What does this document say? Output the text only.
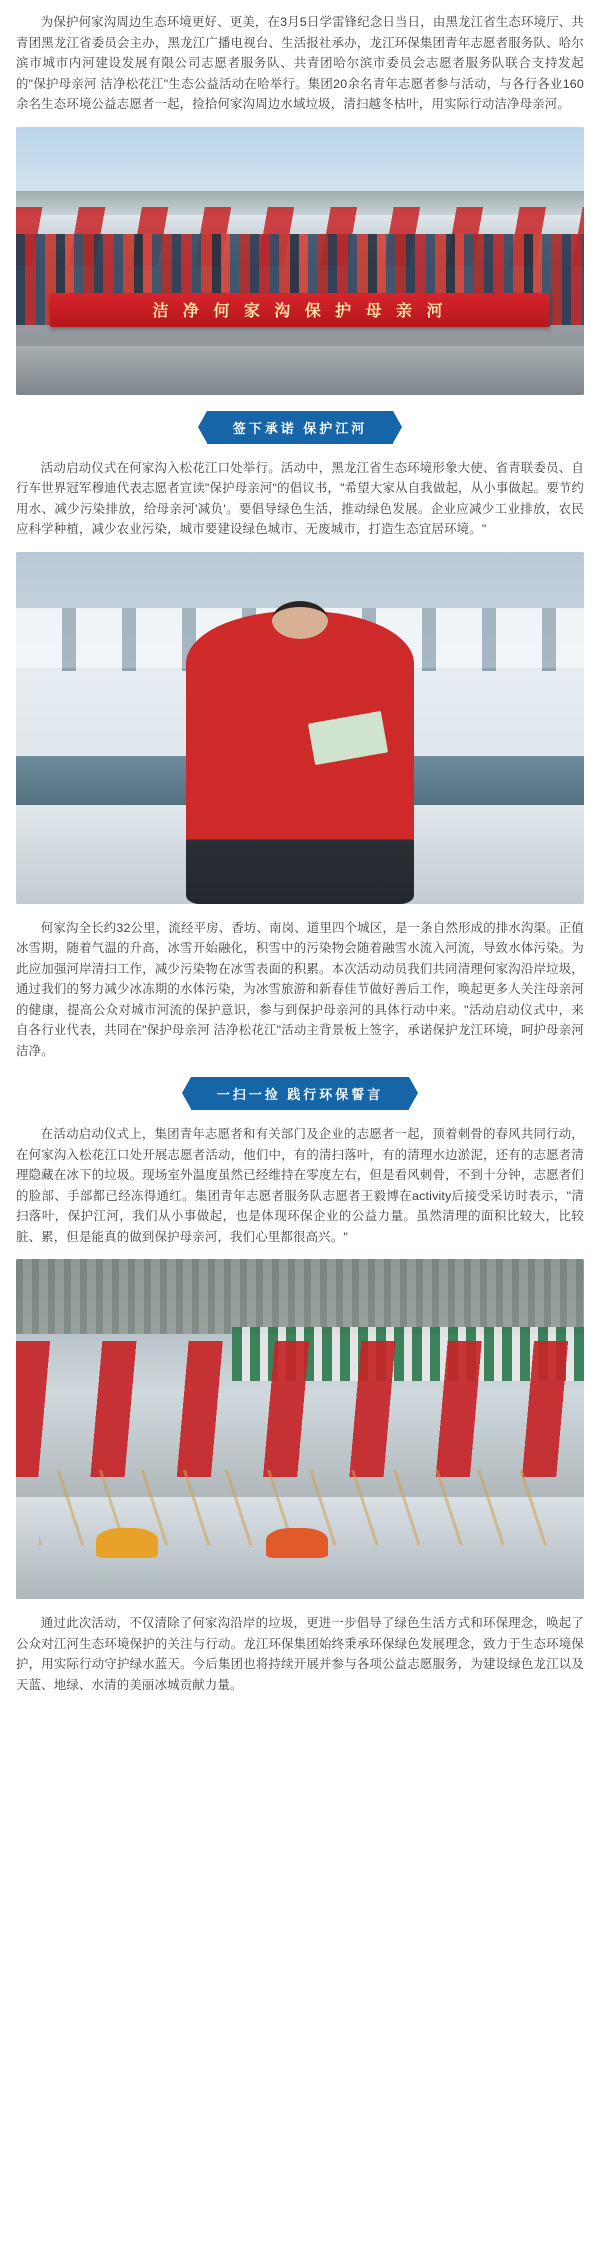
为保护何家沟周边生态环境更好、更美，在3月5日学雷锋纪念日当日，由黑龙江省生态环境厅、共青团黑龙江省委员会主办，黑龙江广播电视台、生活报社承办，龙江环保集团青年志愿者服务队、哈尔滨市城市内河建设发展有限公司志愿者服务队、共青团哈尔滨市委员会志愿者服务队联合支持发起的"保护母亲河 洁净松花江"生态公益活动在哈举行。集团20余名青年志愿者参与活动，与各行各业160余名生态环境公益志愿者一起，捡拾何家沟周边水域垃圾，清扫越冬枯叶，用实际行动洁净母亲河。

洁 净 何 家 沟 保 护 母 亲 河
签下承诺 保护江河

活动启动仪式在何家沟入松花江口处举行。活动中，黑龙江省生态环境形象大使、省青联委员、自行车世界冠军穆迪代表志愿者宣读"保护母亲河"的倡议书，"希望大家从自我做起，从小事做起。要节约用水、减少污染排放，给母亲河'减负'。要倡导绿色生活，推动绿色发展。企业应减少工业排放，农民应科学种植，减少农业污染，城市要建设绿色城市、无废城市，打造生态宜居环境。"

何家沟全长约32公里，流经平房、香坊、南岗、道里四个城区，是一条自然形成的排水沟渠。正值冰雪期，随着气温的升高，冰雪开始融化，积雪中的污染物会随着融雪水流入河流，导致水体污染。为此应加强河岸清扫工作，减少污染物在冰雪表面的积累。本次活动动员我们共同清理何家沟沿岸垃圾，通过我们的努力减少冰冻期的水体污染，为冰雪旅游和新春佳节做好善后工作，唤起更多人关注母亲河的健康，提高公众对城市河流的保护意识，参与到保护母亲河的具体行动中来。"活动启动仪式中，来自各行业代表，共同在"保护母亲河 洁净松花江"活动主背景板上签字，承诺保护龙江环境，呵护母亲河洁净。

一扫一捡 践行环保誓言

在活动启动仪式上，集团青年志愿者和有关部门及企业的志愿者一起，顶着刺骨的春风共同行动，在何家沟入松花江口处开展志愿者活动，他们中，有的清扫落叶，有的清理水边淤泥，还有的志愿者清理隐藏在冰下的垃圾。现场室外温度虽然已经维持在零度左右，但是看风刺骨，不到十分钟，志愿者们的脸部、手部都已经冻得通红。集团青年志愿者服务队志愿者王毅博在activity后接受采访时表示，"清扫落叶，保护江河，我们从小事做起，也是体现环保企业的公益力量。虽然清理的面积比较大，比较脏、累，但是能真的做到保护母亲河，我们心里都很高兴。"

通过此次活动，不仅清除了何家沟沿岸的垃圾，更进一步倡导了绿色生活方式和环保理念，唤起了公众对江河生态环境保护的关注与行动。龙江环保集团始终秉承环保绿色发展理念，致力于生态环境保护，用实际行动守护绿水蓝天。今后集团也将持续开展并参与各项公益志愿服务，为建设绿色龙江以及天蓝、地绿、水清的美丽冰城贡献力量。
